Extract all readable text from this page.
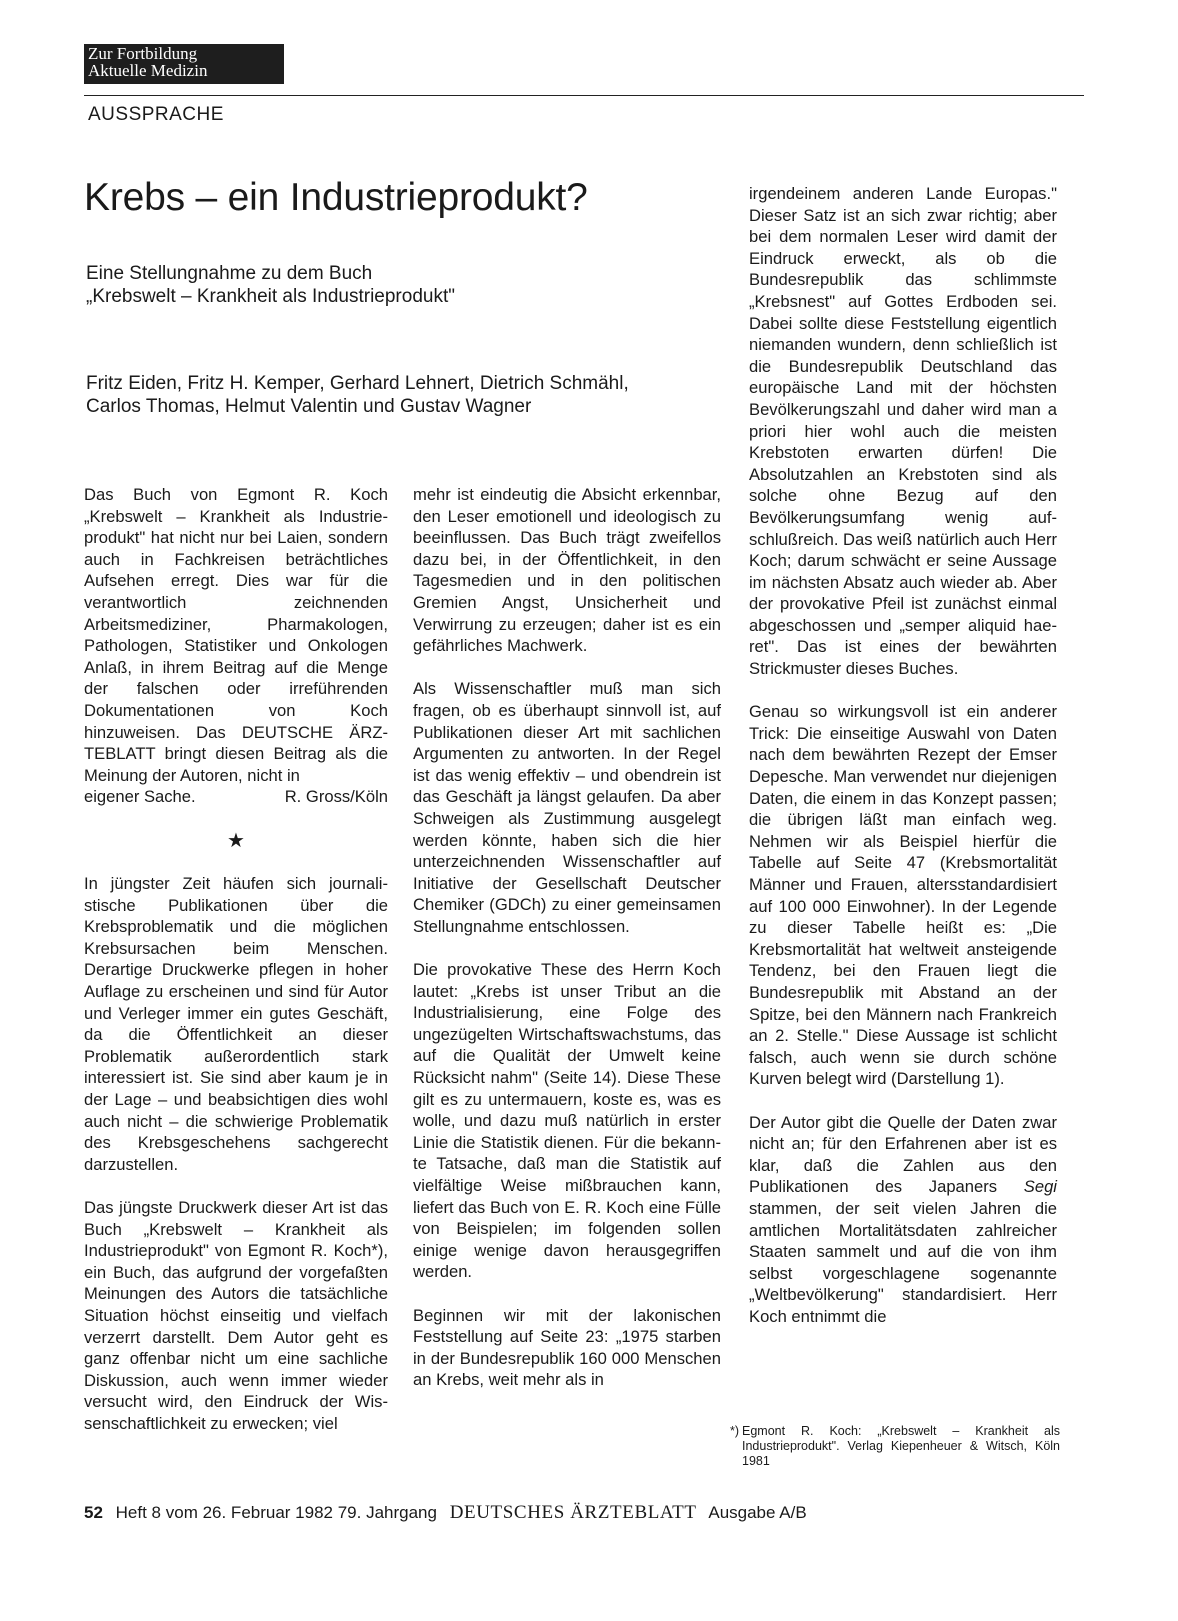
Zur Fortbildung
Aktuelle Medizin
AUSSPRACHE
Krebs – ein Industrieprodukt?
Eine Stellungnahme zu dem Buch
„Krebswelt – Krankheit als Industrieprodukt"
Fritz Eiden, Fritz H. Kemper, Gerhard Lehnert, Dietrich Schmähl,
Carlos Thomas, Helmut Valentin und Gustav Wagner

Das Buch von Egmont R. Koch „Krebswelt – Krankheit als Industrieprodukt" hat nicht nur bei Laien, sondern auch in Fachkreisen beträchtliches Aufsehen erregt. Dies war für die verantwortlich zeichnenden Arbeitsmediziner, Pharmakologen, Pathologen, Statistiker und Onkologen Anlaß, in ihrem Beitrag auf die Menge der falschen oder irreführenden Dokumentationen von Koch hinzuweisen. Das DEUTSCHE ÄRZTEBLATT bringt diesen Beitrag als die Meinung der Autoren, nicht in

eigener Sache.	R. Gross/Köln

★

In jüngster Zeit häufen sich journalistische Publikationen über die Krebsproblematik und die möglichen Krebsursachen beim Menschen. Derartige Druckwerke pflegen in hoher Auflage zu erscheinen und sind für Autor und Verleger immer ein gutes Geschäft, da die Öffentlichkeit an dieser Problematik außerordentlich stark interessiert ist. Sie sind aber kaum je in der Lage – und beabsichtigen dies wohl auch nicht – die schwierige Problematik des Krebsgeschehens sachgerecht darzustellen.

Das jüngste Druckwerk dieser Art ist das Buch „Krebswelt – Krankheit als Industrieprodukt" von Egmont R. Koch*), ein Buch, das aufgrund der vorgefaßten Meinungen des Autors die tatsächliche Situation höchst einseitig und vielfach verzerrt darstellt. Dem Autor geht es ganz offenbar nicht um eine sachliche Diskussion, auch wenn immer wieder versucht wird, den Eindruck der Wissenschaftlichkeit zu erwecken; viel

mehr ist eindeutig die Absicht erkennbar, den Leser emotionell und ideologisch zu beeinflussen. Das Buch trägt zweifellos dazu bei, in der Öffentlichkeit, in den Tagesmedien und in den politischen Gremien Angst, Unsicherheit und Verwirrung zu erzeugen; daher ist es ein gefährliches Machwerk.

Als Wissenschaftler muß man sich fragen, ob es überhaupt sinnvoll ist, auf Publikationen dieser Art mit sachlichen Argumenten zu antworten. In der Regel ist das wenig effektiv – und obendrein ist das Geschäft ja längst gelaufen. Da aber Schweigen als Zustimmung ausgelegt werden könnte, haben sich die hier unterzeichnenden Wissenschaftler auf Initiative der Gesellschaft Deutscher Chemiker (GDCh) zu einer gemeinsamen Stellungnahme entschlossen.

Die provokative These des Herrn Koch lautet: „Krebs ist unser Tribut an die Industrialisierung, eine Folge des ungezügelten Wirtschaftswachstums, das auf die Qualität der Umwelt keine Rücksicht nahm" (Seite 14). Diese These gilt es zu untermauern, koste es, was es wolle, und dazu muß natürlich in erster Linie die Statistik dienen. Für die bekannte Tatsache, daß man die Statistik auf vielfältige Weise mißbrauchen kann, liefert das Buch von E. R. Koch eine Fülle von Beispielen; im folgenden sollen einige wenige davon herausgegriffen werden.

Beginnen wir mit der lakonischen Feststellung auf Seite 23: „1975 starben in der Bundesrepublik 160 000 Menschen an Krebs, weit mehr als in

irgendeinem anderen Lande Europas." Dieser Satz ist an sich zwar richtig; aber bei dem normalen Leser wird damit der Eindruck erweckt, als ob die Bundesrepublik das schlimmste „Krebsnest" auf Gottes Erdboden sei. Dabei sollte diese Feststellung eigentlich niemanden wundern, denn schließlich ist die Bundesrepublik Deutschland das europäische Land mit der höchsten Bevölkerungszahl und daher wird man a priori hier wohl auch die meisten Krebstoten erwarten dürfen! Die Absolutzahlen an Krebstoten sind als solche ohne Bezug auf den Bevölkerungsumfang wenig aufschlußreich. Das weiß natürlich auch Herr Koch; darum schwächt er seine Aussage im nächsten Absatz auch wieder ab. Aber der provokative Pfeil ist zunächst einmal abgeschossen und „semper aliquid haeret". Das ist eines der bewährten Strickmuster dieses Buches.

Genau so wirkungsvoll ist ein anderer Trick: Die einseitige Auswahl von Daten nach dem bewährten Rezept der Emser Depesche. Man verwendet nur diejenigen Daten, die einem in das Konzept passen; die übrigen läßt man einfach weg. Nehmen wir als Beispiel hierfür die Tabelle auf Seite 47 (Krebsmortalität Männer und Frauen, altersstandardisiert auf 100 000 Einwohner). In der Legende zu dieser Tabelle heißt es: „Die Krebsmortalität hat weltweit ansteigende Tendenz, bei den Frauen liegt die Bundesrepublik mit Abstand an der Spitze, bei den Männern nach Frankreich an 2. Stelle." Diese Aussage ist schlicht falsch, auch wenn sie durch schöne Kurven belegt wird (Darstellung 1).

Der Autor gibt die Quelle der Daten zwar nicht an; für den Erfahrenen aber ist es klar, daß die Zahlen aus den Publikationen des Japaners Segi stammen, der seit vielen Jahren die amtlichen Mortalitätsdaten zahlreicher Staaten sammelt und auf die von ihm selbst vorgeschlagene sogenannte „Weltbevölkerung" standardisiert. Herr Koch entnimmt die

*) Egmont R. Koch: „Krebswelt – Krankheit als Industrieprodukt". Verlag Kiepenheuer & Witsch, Köln 1981
52 Heft 8 vom 26. Februar 1982 79. Jahrgang DEUTSCHES ÄRZTEBLATT Ausgabe A/B
